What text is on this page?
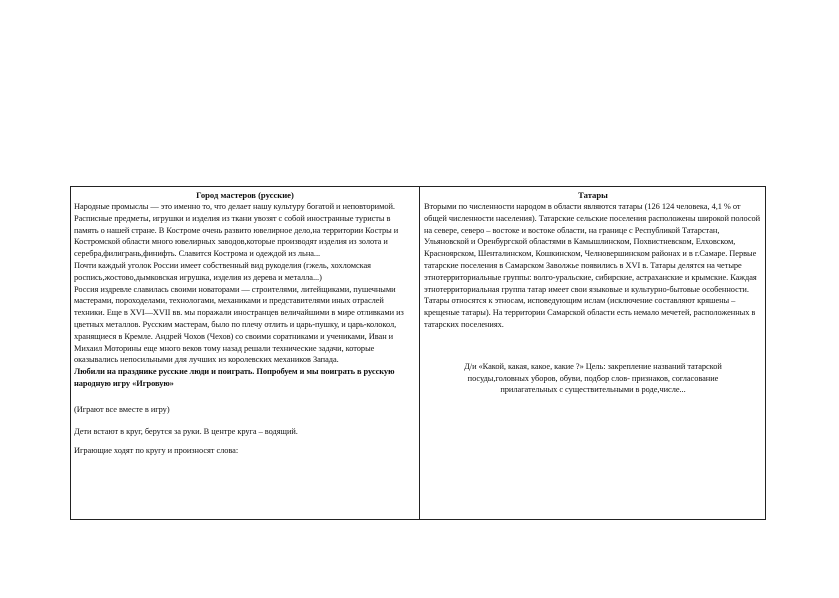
Город мастеров (русские)

Народные промыслы — это именно то, что делает нашу культуру богатой и неповторимой. Расписные предметы, игрушки и изделия из ткани увозят с собой иностранные туристы в память о нашей стране. В Костроме очень развито ювелирное дело,на территории Костры и Костромской области много ювелирных заводов,которые производят изделия из золота и серебра,филигрань,финифть. Славится Кострома и одеждой из льна...

Почти каждый уголок России имеет собственный вид рукоделия (гжель, хохломская роспись,жостово,дымковская игрушка, изделия из дерева и металла...)

Россия издревле славилась своими новаторами — строителями, литейщиками, пушечными мастерами, пороходелами, технологами, механиками и представителями иных отраслей техники. Еще в XVI—XVII вв. мы поражали иностранцев величайшими в мире отливками из цветных металлов. Русским мастерам, было по плечу отлить и царь-пушку, и царь-колокол, хранящиеся в Кремле. Андрей Чохов (Чехов) со своими соратниками и учениками, Иван и Михаил Моторины еще много веков тому назад решали технические задачи, которые оказывались непосильными для лучших из королевских механиков Запада.

Любили на празднике русские люди и поиграть. Попробуем и мы поиграть в русскую народную игру «Игровую»

(Играют все вместе в игру)

Дети встают в круг, берутся за руки. В центре круга – водящий.

Играющие ходят по кругу и произносят слова:

Татары

Вторыми по численности народом в области являются татары (126 124 человека, 4,1 % от общей численности населения). Татарские сельские поселения расположены широкой полосой на севере, северо – востоке и востоке области, на границе с Республикой Татарстан, Ульяновской и Оренбургской областями в Камышлинском, Похвистневском, Елховском, Красноярском, Шенталинском, Кошкинском, Челновершинском районах и в г.Самаре. Первые татарские поселения в Самарском Заволжье появились в XVI в. Татары делятся на четыре этнотерриториальные группы: волго-уральские, сибирские, астраханские и крымские. Каждая этнотерриториальная группа татар имеет свои языковые и культурно-бытовые особенности. Татары относятся к этносам, исповедующим ислам (исключение составляют кряшены – крещеные татары). На территории Самарской области есть немало мечетей, расположенных в татарских поселениях.

Д/и «Какой, какая, какое, какие ?» Цель: закрепление названий татарской посуды,головных уборов, обуви, подбор слов- признаков, согласование прилагательных с существительными в роде,числе...
